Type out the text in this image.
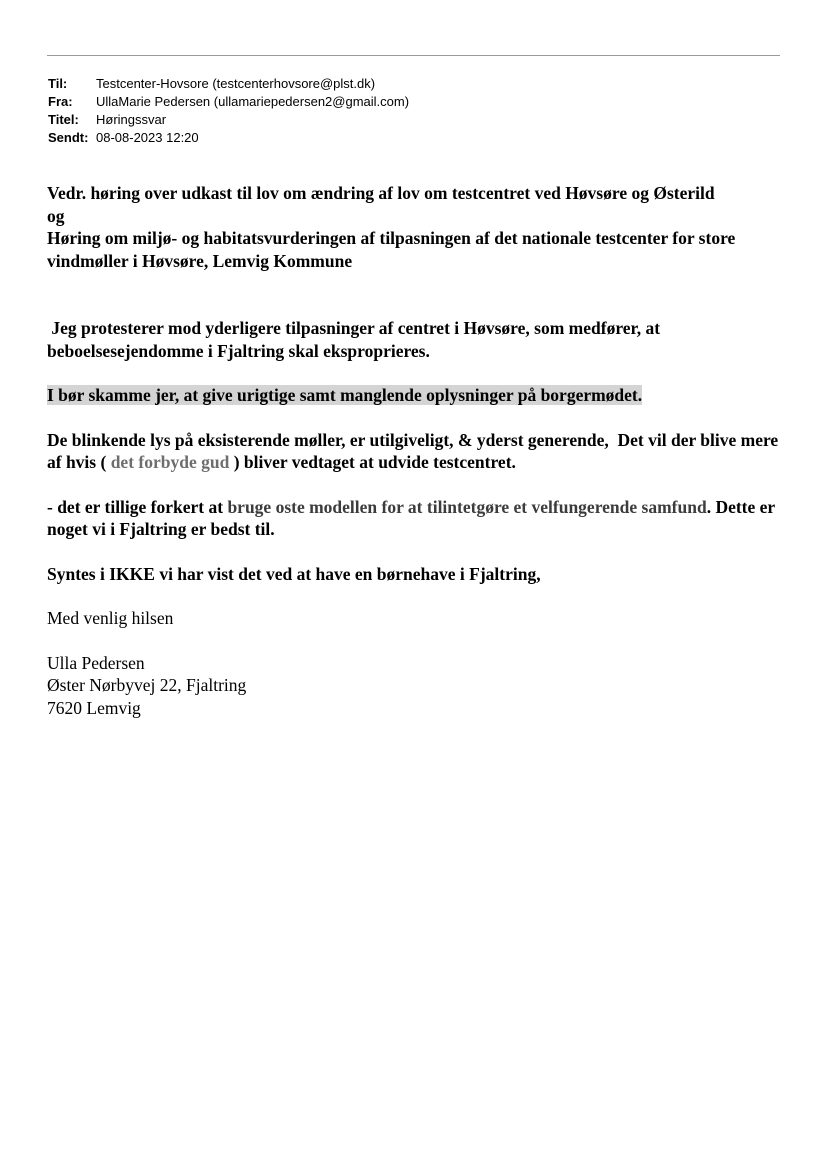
Til:	Testcenter-Hovsore (testcenterhovsore@plst.dk)
Fra:	UllaMarie Pedersen (ullamariepedersen2@gmail.com)
Titel:	Høringssvar
Sendt: 08-08-2023 12:20

Vedr. høring over udkast til lov om ændring af lov om testcentret ved Høvsøre og Østerild

og

Høring om miljø- og habitatsvurderingen af tilpasningen af det nationale testcenter for store vindmøller i Høvsøre, Lemvig Kommune

Jeg protesterer mod yderligere tilpasninger af centret i Høvsøre, som medfører, at beboelsesejendomme i Fjaltring skal eksproprieres.

I bør skamme jer, at give urigtige samt manglende oplysninger på borgermødet.

De blinkende lys på eksisterende møller, er utilgiveligt, & yderst generende,  Det vil der blive mere af hvis ( det forbyde gud ) bliver vedtaget at udvide testcentret.

- det er tillige forkert at bruge oste modellen for at tilintetgøre et velfungerende samfund. Dette er noget vi i Fjaltring er bedst til.

Syntes i IKKE vi har vist det ved at have en børnehave i Fjaltring,

Med venlig hilsen

Ulla Pedersen

Øster Nørbyvej 22, Fjaltring

7620 Lemvig
